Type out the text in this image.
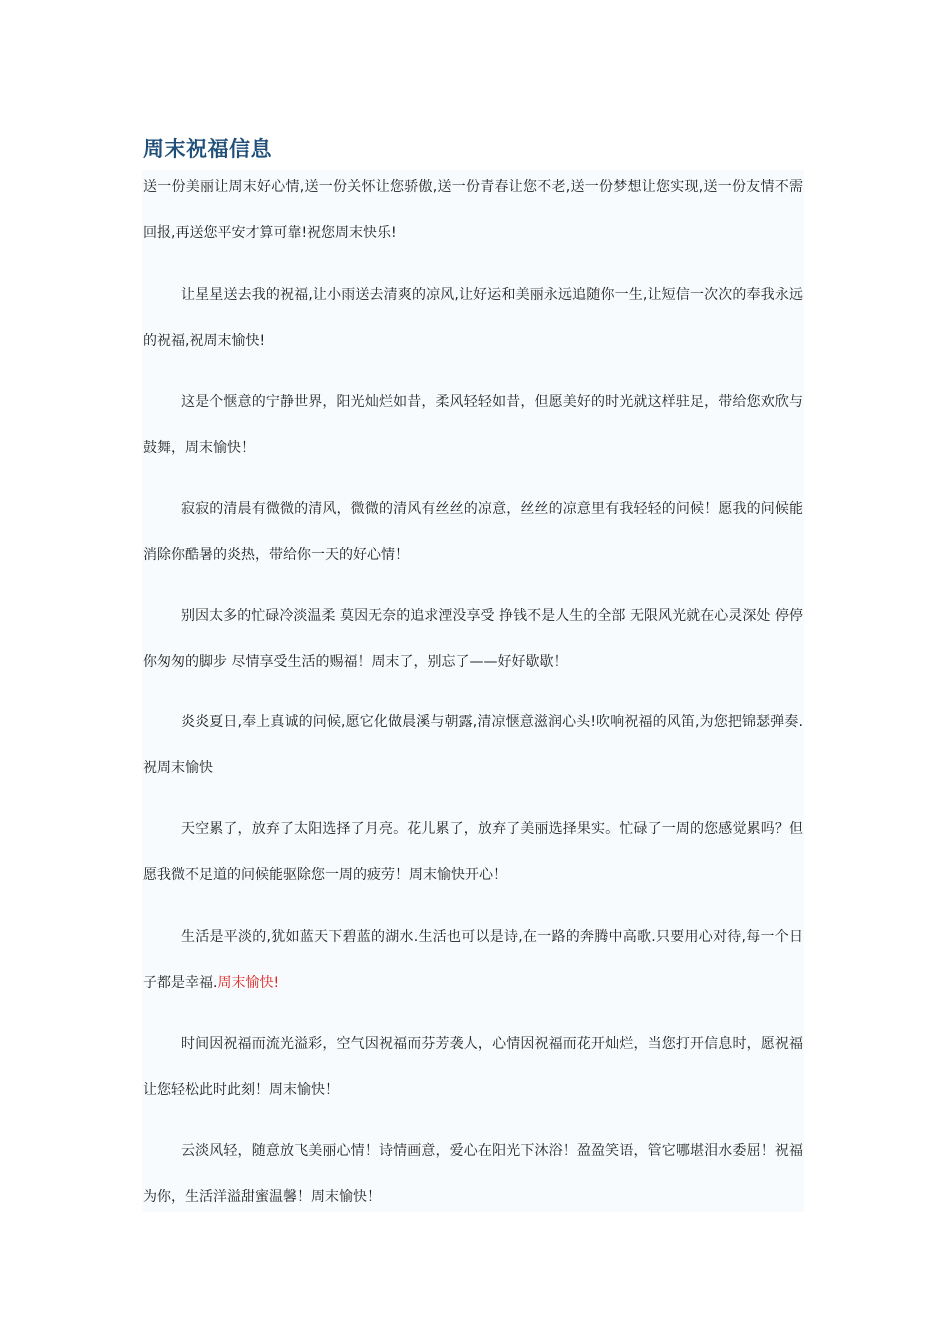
周末祝福信息

送一份美丽让周末好心情,送一份关怀让您骄傲,送一份青春让您不老,送一份梦想让您实现,送一份友情不需回报,再送您平安才算可靠!祝您周末快乐!

让星星送去我的祝福,让小雨送去清爽的凉风,让好运和美丽永远追随你一生,让短信一次次的奉我永远的祝福,祝周末愉快!

这是个惬意的宁静世界，阳光灿烂如昔，柔风轻轻如昔，但愿美好的时光就这样驻足，带给您欢欣与鼓舞，周末愉快！

寂寂的清晨有微微的清风，微微的清风有丝丝的凉意，丝丝的凉意里有我轻轻的问候！愿我的问候能消除你酷暑的炎热，带给你一天的好心情！

别因太多的忙碌冷淡温柔 莫因无奈的追求湮没享受 挣钱不是人生的全部 无限风光就在心灵深处 停停你匆匆的脚步 尽情享受生活的赐福！周末了，别忘了——好好歇歇！

炎炎夏日,奉上真诚的问候,愿它化做晨溪与朝露,清凉惬意滋润心头!吹响祝福的风笛,为您把锦瑟弹奏.祝周末愉快

天空累了，放弃了太阳选择了月亮。花儿累了，放弃了美丽选择果实。忙碌了一周的您感觉累吗？但愿我微不足道的问候能驱除您一周的疲劳！周末愉快开心！

生活是平淡的,犹如蓝天下碧蓝的湖水.生活也可以是诗,在一路的奔腾中高歌.只要用心对待,每一个日子都是幸福.周末愉快!

时间因祝福而流光溢彩，空气因祝福而芬芳袭人，心情因祝福而花开灿烂，当您打开信息时，愿祝福让您轻松此时此刻！周末愉快！

云淡风轻，随意放飞美丽心情！诗情画意，爱心在阳光下沐浴！盈盈笑语，管它哪堪泪水委屈！祝福为你，生活洋溢甜蜜温馨！周末愉快！
